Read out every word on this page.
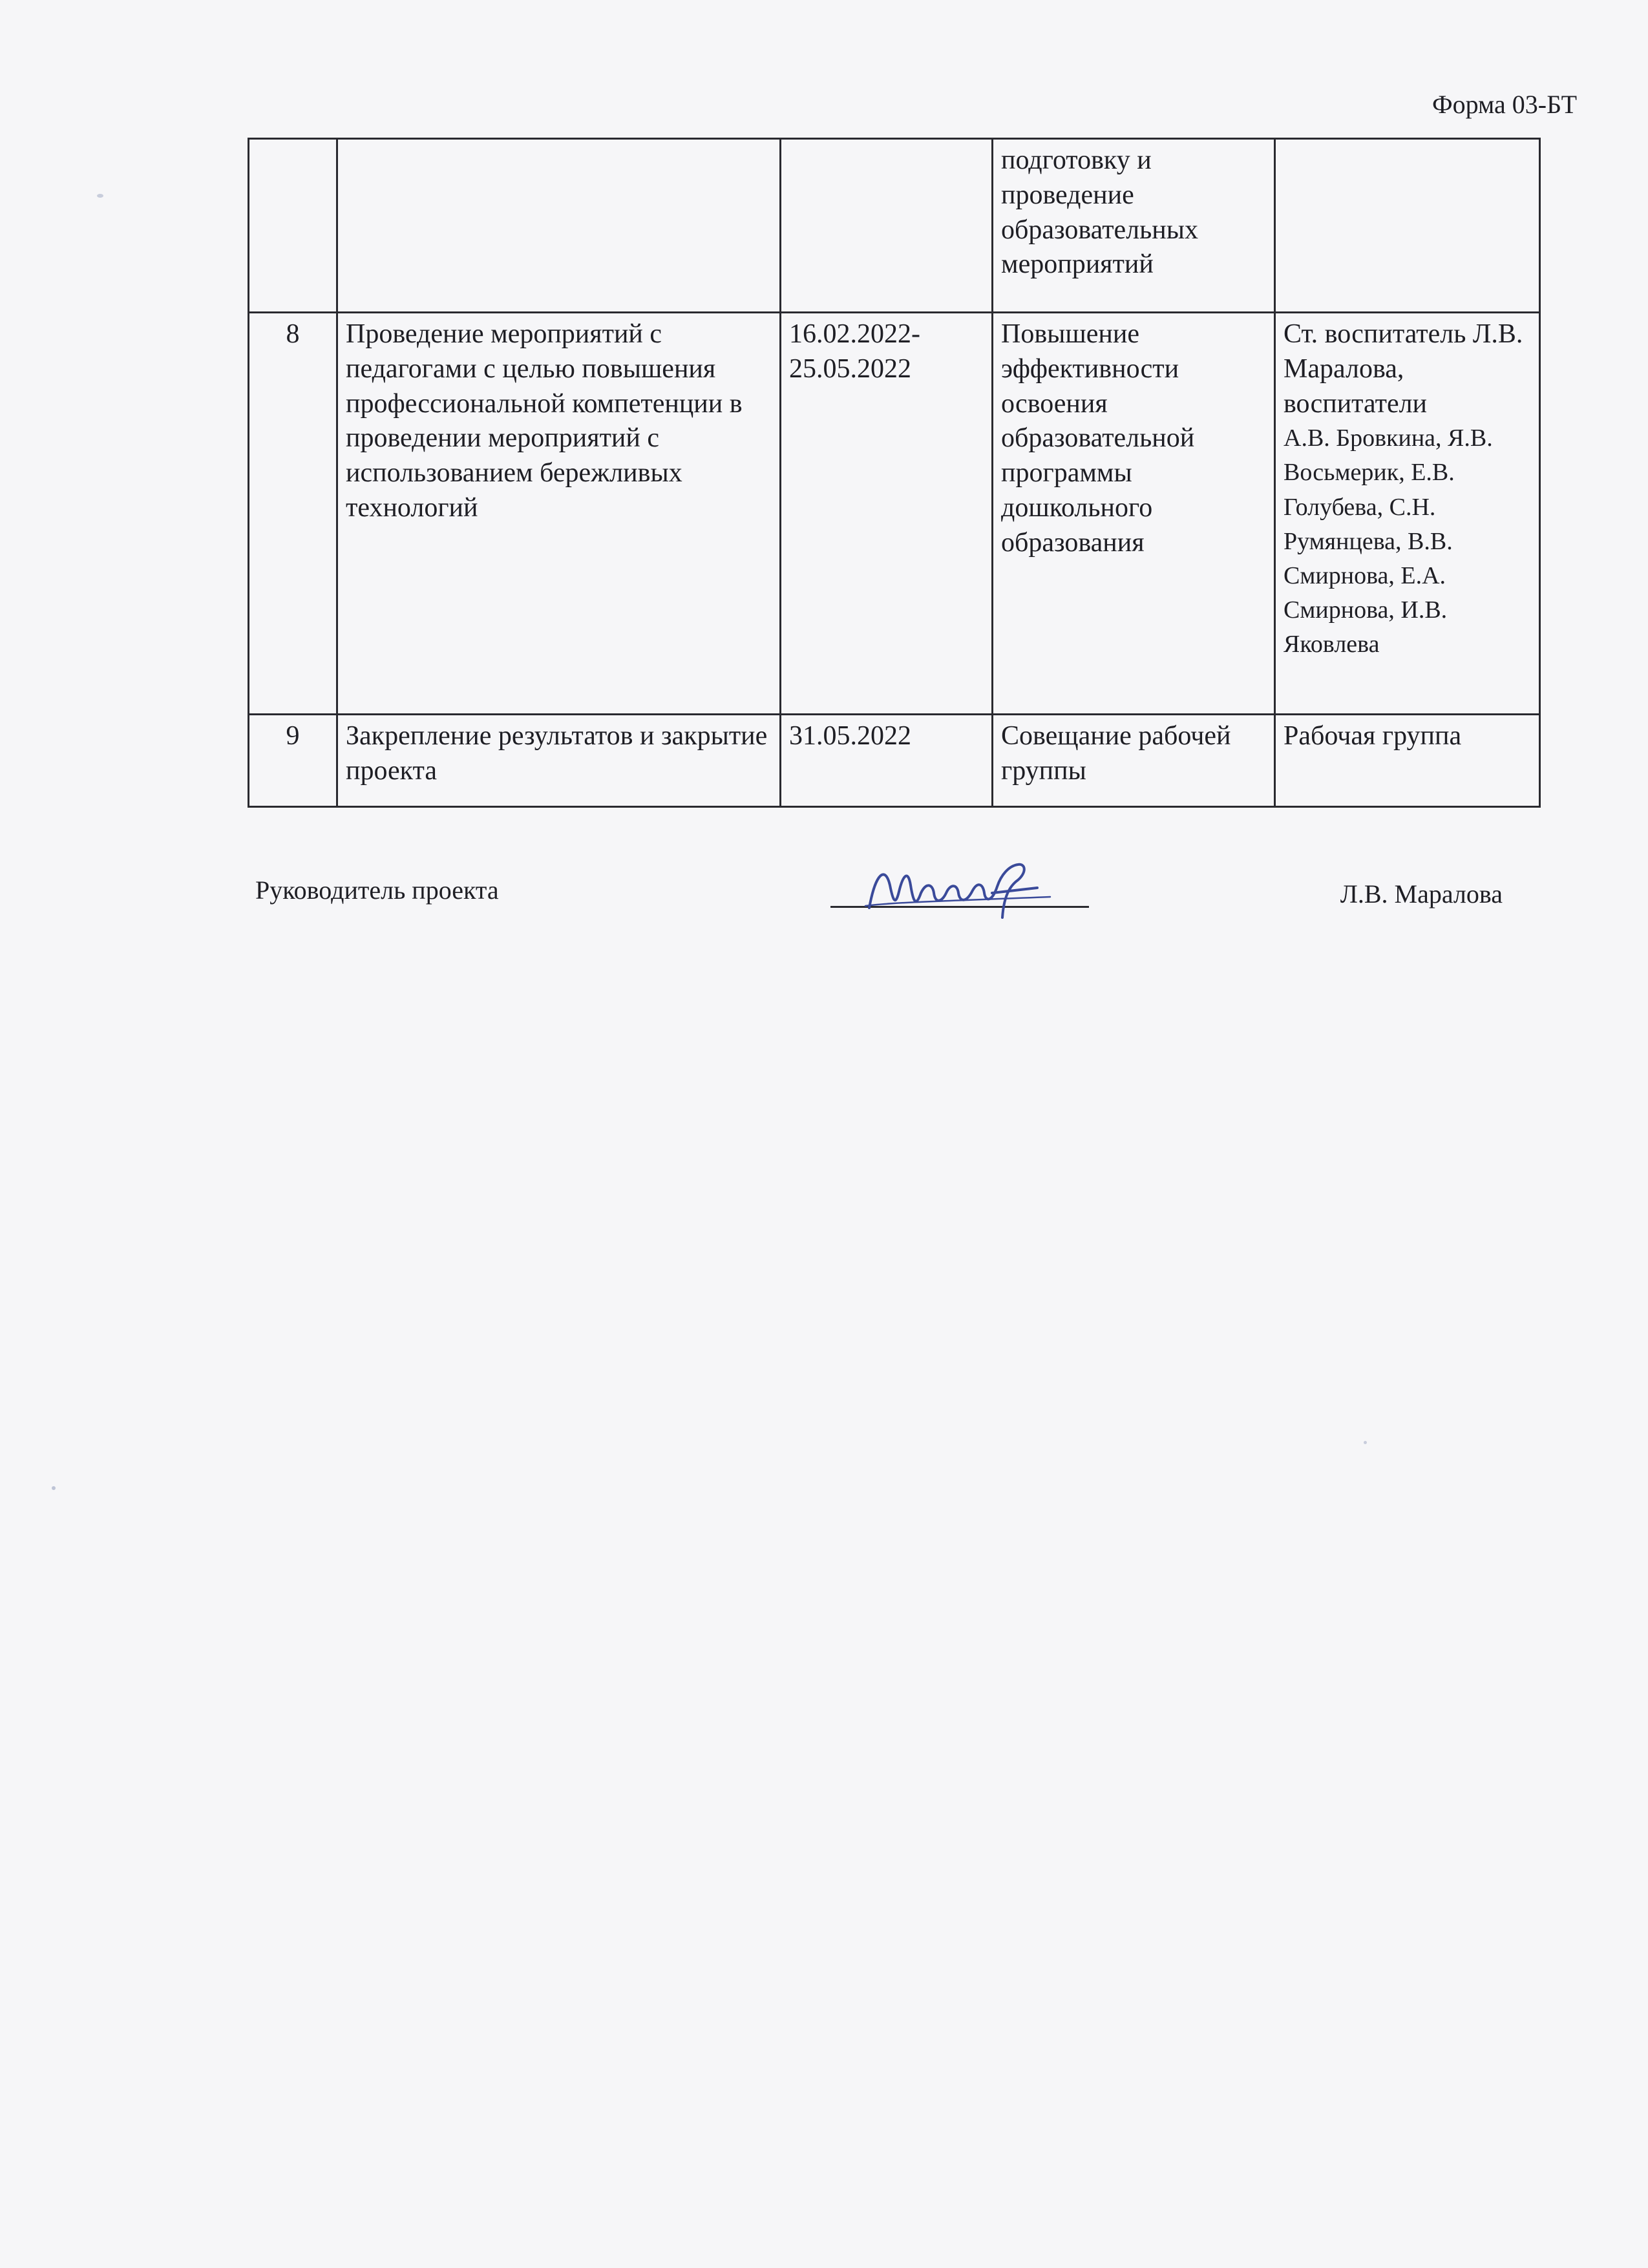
Форма 03-БТ
			подготовку и проведение образовательных мероприятий	
8	Проведение мероприятий с педагогами с целью повышения профессиональной компетенции в проведении мероприятий с использованием бережливых технологий	16.02.2022-25.05.2022	Повышение эффективности освоения образовательной программы дошкольного образования	Ст. воспитатель Л.В. Маралова, воспитатели
А.В. Бровкина, Я.В. Восьмерик, Е.В. Голубева, С.Н. Румянцева, В.В. Смирнова, Е.А. Смирнова, И.В. Яковлева

9	Закрепление результатов и закрытие проекта	31.05.2022	Совещание рабочей группы	Рабочая группа
Руководитель проекта	Л.В. Маралова
